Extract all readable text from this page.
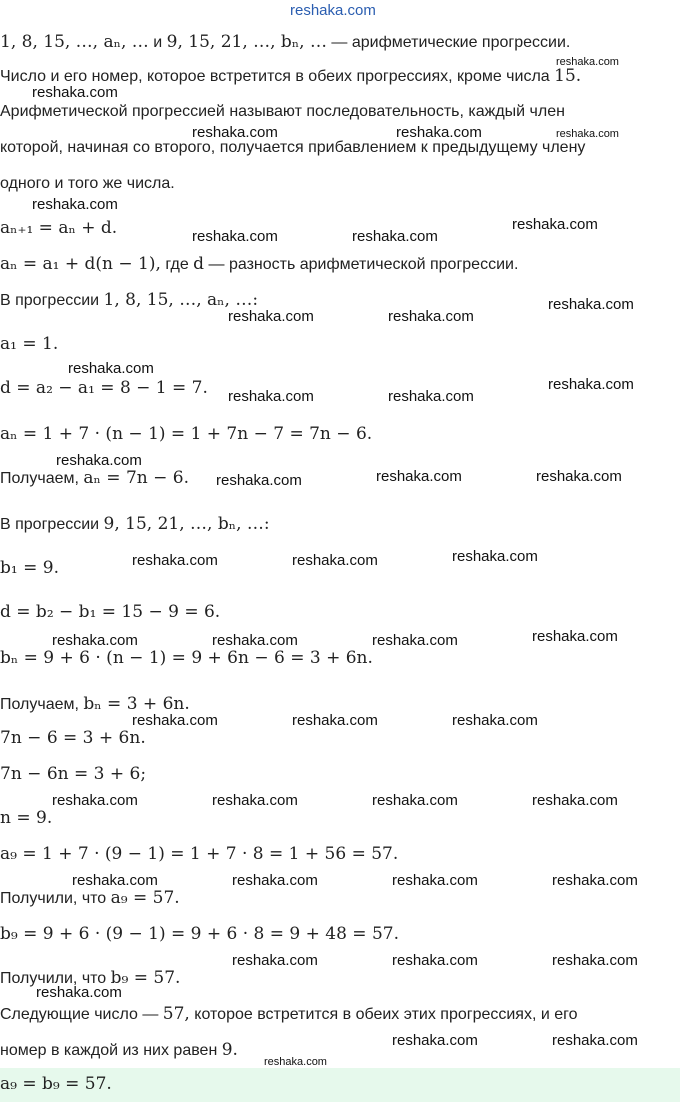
reshaka.com
1, 8, 15, …, aₙ, … и 9, 15, 21, …, bₙ, … — арифметические прогрессии.
Число и его номер, которое встретится в обеих прогрессиях, кроме числа 15.
Арифметической прогрессией называют последовательность, каждый член
которой, начиная со второго, получается прибавлением к предыдущему члену
одного и того же числа.
aₙ₊₁ = aₙ + d.
aₙ = a₁ + d(n − 1), где d — разность арифметической прогрессии.
В прогрессии 1, 8, 15, …, aₙ, …:
a₁ = 1.
d = a₂ − a₁ = 8 − 1 = 7.
aₙ = 1 + 7 · (n − 1) = 1 + 7n − 7 = 7n − 6.
Получаем, aₙ = 7n − 6.
В прогрессии 9, 15, 21, …, bₙ, …:
b₁ = 9.
d = b₂ − b₁ = 15 − 9 = 6.
bₙ = 9 + 6 · (n − 1) = 9 + 6n − 6 = 3 + 6n.
Получаем, bₙ = 3 + 6n.
7n − 6 = 3 + 6n.
7n − 6n = 3 + 6;
n = 9.
a₉ = 1 + 7 · (9 − 1) = 1 + 7 · 8 = 1 + 56 = 57.
Получили, что a₉ = 57.
b₉ = 9 + 6 · (9 − 1) = 9 + 6 · 8 = 9 + 48 = 57.
Получили, что b₉ = 57.
Следующие число — 57, которое встретится в обеих этих прогрессиях, и его
номер в каждой из них равен 9.
a₉ = b₉ = 57.
reshaka.com
reshaka.com
reshaka.com	reshaka.com	reshaka.com
reshaka.com
reshaka.com	reshaka.com
reshaka.com
reshaka.com
reshaka.com	reshaka.com
reshaka.com
reshaka.com	reshaka.com
reshaka.com
reshaka.com
reshaka.com	reshaka.com	reshaka.com
reshaka.com	reshaka.com	reshaka.com
reshaka.com	reshaka.com	reshaka.com	reshaka.com
reshaka.com	reshaka.com	reshaka.com
reshaka.com	reshaka.com	reshaka.com	reshaka.com
reshaka.com	reshaka.com	reshaka.com	reshaka.com
reshaka.com	reshaka.com	reshaka.com
reshaka.com
reshaka.com	reshaka.com
reshaka.com
